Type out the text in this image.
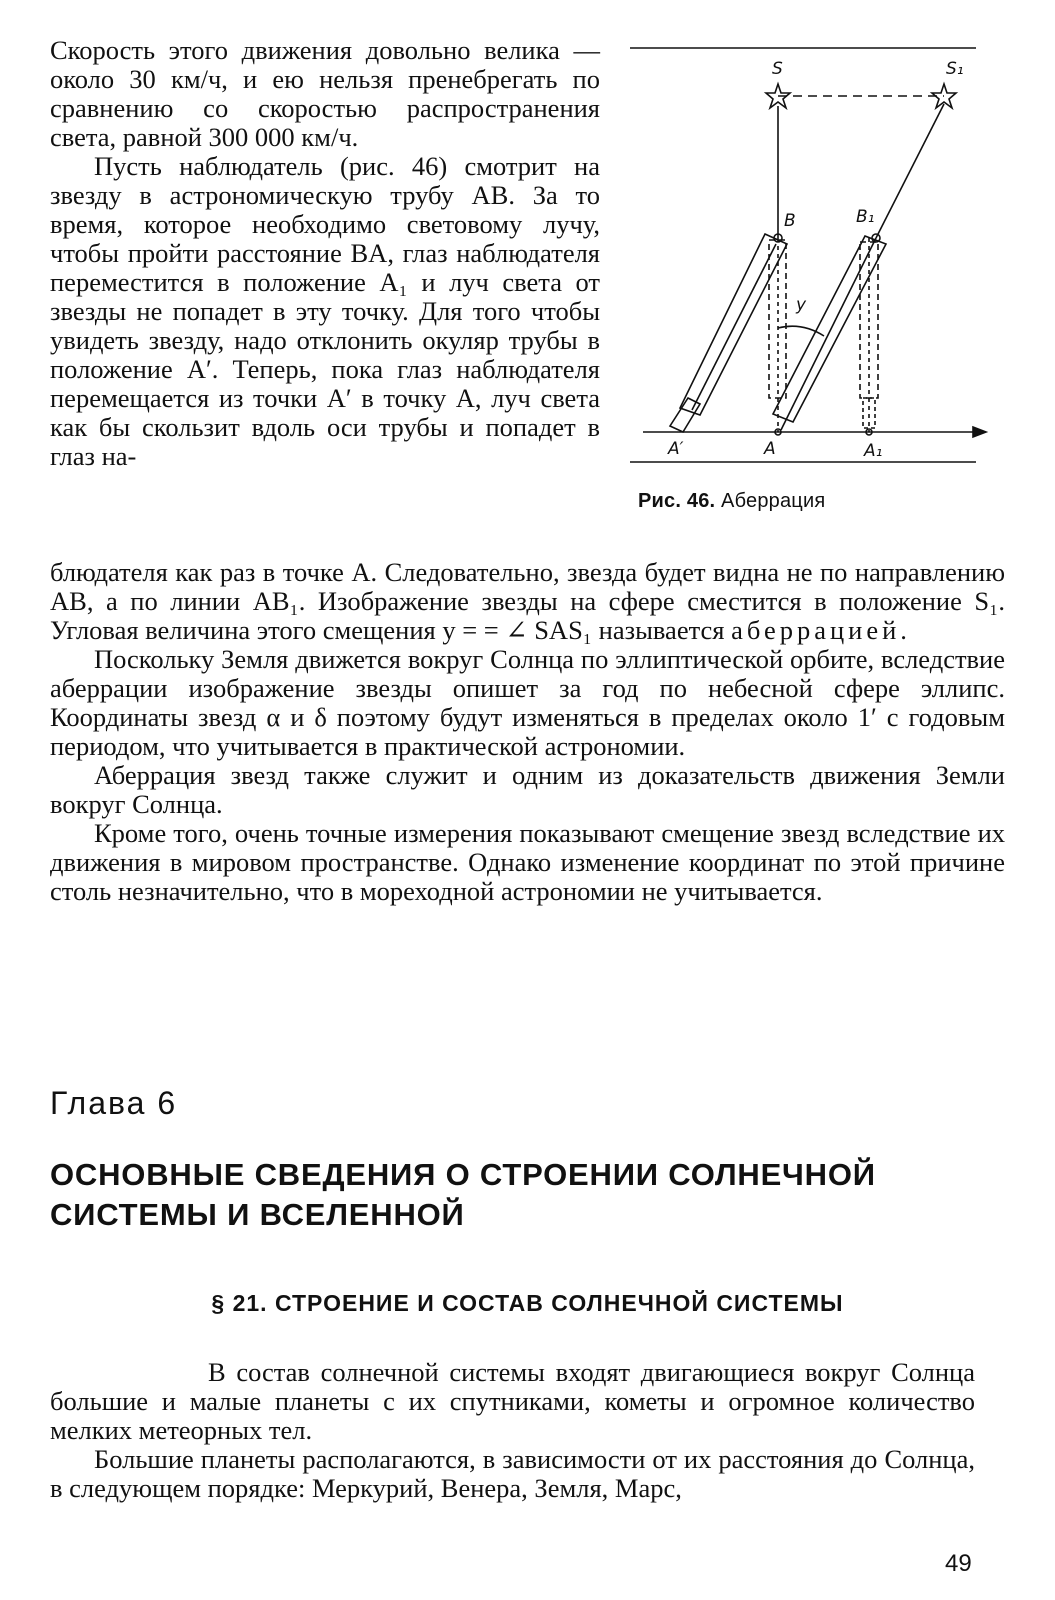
Скорость этого движения довольно велика — около 30 км/ч, и ею нельзя пренебрегать по сравнению со скоростью распространения света, равной 300 000 км/ч.

Пусть наблюдатель (рис. 46) смотрит на звезду в астрономическую трубу AB. За то время, которое необходимо световому лучу, чтобы пройти расстояние BA, глаз наблюдателя переместится в положение A₁ и луч света от звезды не попадет в эту точку. Для того чтобы увидеть звезду, надо отклонить окуляр трубы в положение A′. Теперь, пока глаз наблюдателя перемещается из точки A′ в точку A, луч света как бы скользит вдоль оси трубы и попадет в глаз на-

блюдателя как раз в точке A. Следовательно, звезда будет видна не по направлению AB, а по линии AB₁. Изображение звезды на сфере сместится в положение S₁. Угловая величина этого смещения y = = ∠ SAS₁ называется аберрацией.

Поскольку Земля движется вокруг Солнца по эллиптической орбите, вследствие аберрации изображение звезды опишет за год по небесной сфере эллипс. Координаты звезд α и δ поэтому будут изменяться в пределах около 1′ с годовым периодом, что учитывается в практической астрономии.

Аберрация звезд также служит и одним из доказательств движения Земли вокруг Солнца.

Кроме того, очень точные измерения показывают смещение звезд вследствие их движения в мировом пространстве. Однако изменение координат по этой причине столь незначительно, что в мореходной астрономии не учитывается.

S	S₁
B	B₁
y
A′	A	A₁
Рис. 46. Аберрация
Глава 6
ОСНОВНЫЕ СВЕДЕНИЯ О СТРОЕНИИ СОЛНЕЧНОЙ СИСТЕМЫ И ВСЕЛЕННОЙ
§ 21. СТРОЕНИЕ И СОСТАВ СОЛНЕЧНОЙ СИСТЕМЫ

В состав солнечной системы входят двигающиеся вокруг Солнца большие и малые планеты с их спутниками, кометы и огромное количество мелких метеорных тел.

Большие планеты располагаются, в зависимости от их расстояния до Солнца, в следующем порядке: Меркурий, Венера, Земля, Марс,

49
